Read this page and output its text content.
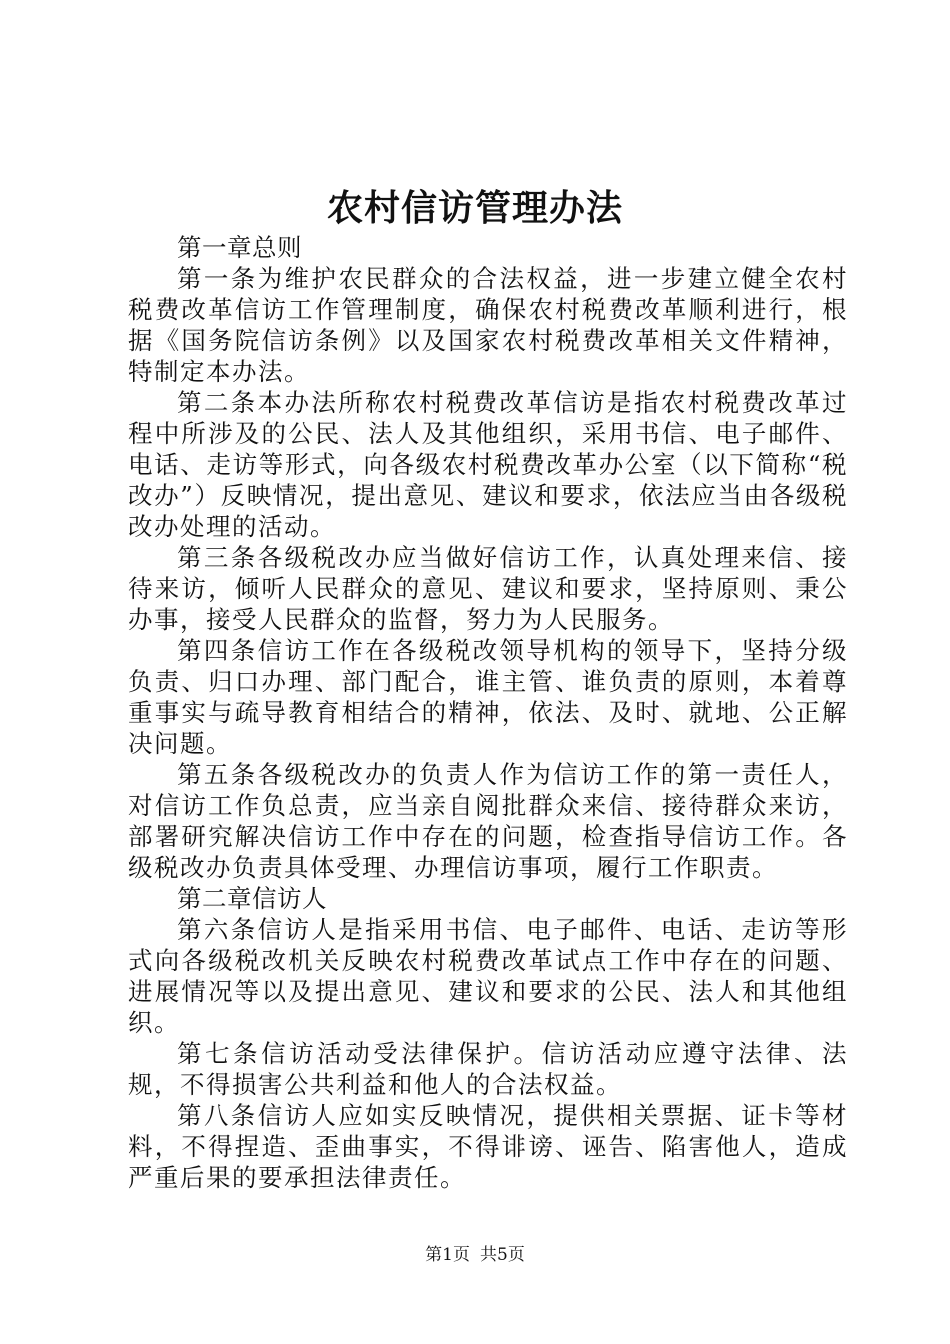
农村信访管理办法

第一章总则

第一条为维护农民群众的合法权益，进一步建立健全农村税费改革信访工作管理制度，确保农村税费改革顺利进行，根据《国务院信访条例》以及国家农村税费改革相关文件精神，特制定本办法。

第二条本办法所称农村税费改革信访是指农村税费改革过程中所涉及的公民、法人及其他组织，采用书信、电子邮件、电话、走访等形式，向各级农村税费改革办公室（以下简称“税改办”）反映情况，提出意见、建议和要求，依法应当由各级税改办处理的活动。

第三条各级税改办应当做好信访工作，认真处理来信、接待来访，倾听人民群众的意见、建议和要求，坚持原则、秉公办事，接受人民群众的监督，努力为人民服务。

第四条信访工作在各级税改领导机构的领导下，坚持分级负责、归口办理、部门配合，谁主管、谁负责的原则，本着尊重事实与疏导教育相结合的精神，依法、及时、就地、公正解决问题。

第五条各级税改办的负责人作为信访工作的第一责任人，对信访工作负总责，应当亲自阅批群众来信、接待群众来访，部署研究解决信访工作中存在的问题，检查指导信访工作。各级税改办负责具体受理、办理信访事项，履行工作职责。

第二章信访人

第六条信访人是指采用书信、电子邮件、电话、走访等形式向各级税改机关反映农村税费改革试点工作中存在的问题、进展情况等以及提出意见、建议和要求的公民、法人和其他组织。

第七条信访活动受法律保护。信访活动应遵守法律、法规，不得损害公共利益和他人的合法权益。

第八条信访人应如实反映情况，提供相关票据、证卡等材料，不得捏造、歪曲事实，不得诽谤、诬告、陷害他人，造成严重后果的要承担法律责任。

第1页 共5页
